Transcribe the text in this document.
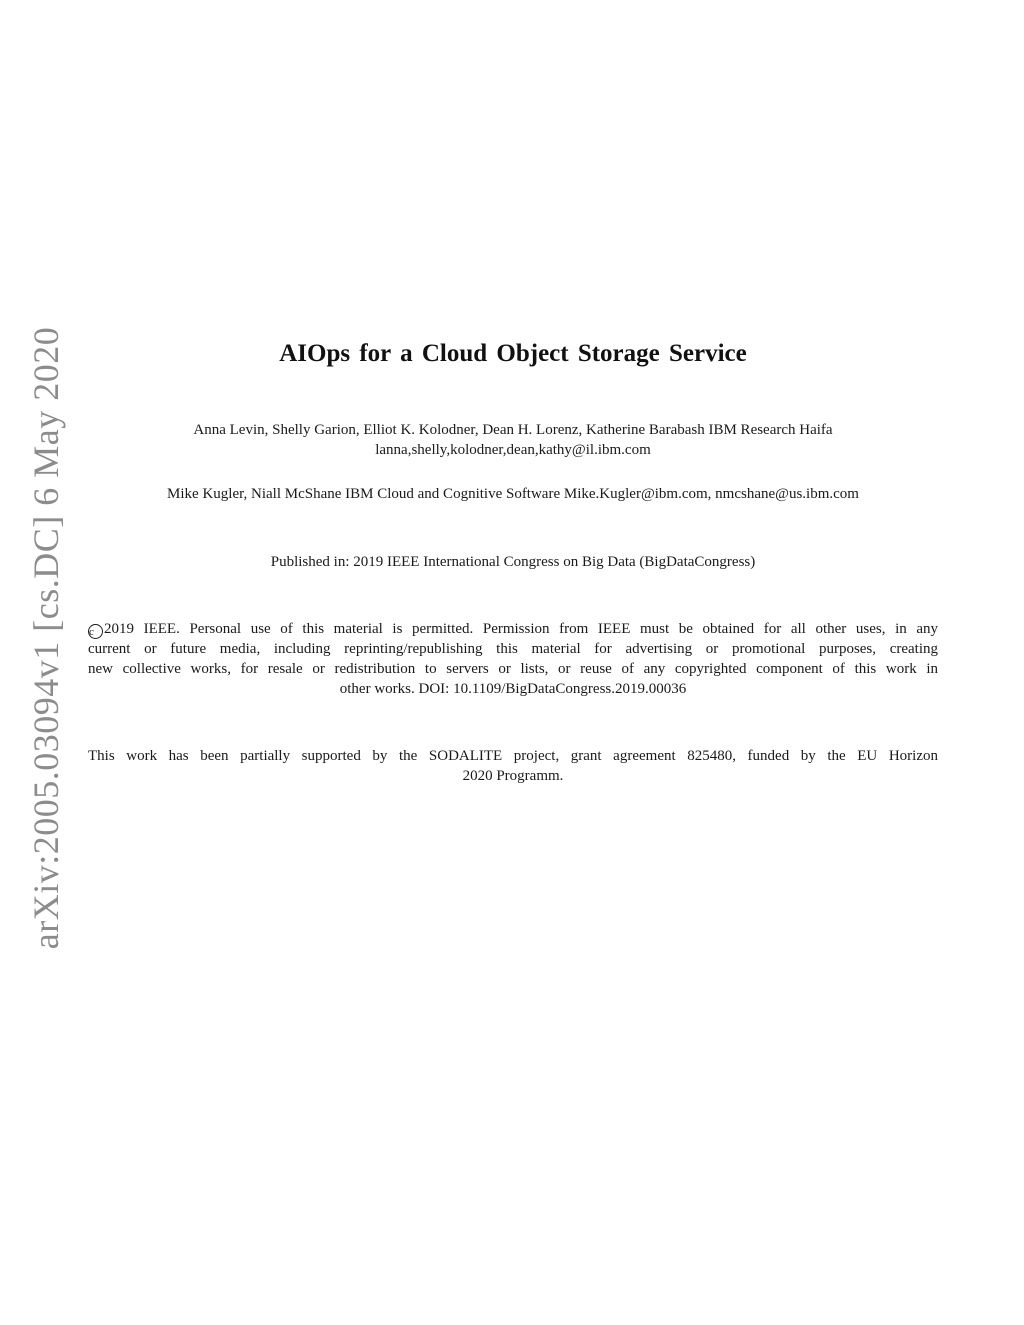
arXiv:2005.03094v1 [cs.DC] 6 May 2020	AIOps for a Cloud Object Storage Service
Anna Levin, Shelly Garion, Elliot K. Kolodner, Dean H. Lorenz, Katherine Barabash IBM Research Haifa
lanna,shelly,kolodner,dean,kathy@il.ibm.com
Mike Kugler, Niall McShane IBM Cloud and Cognitive Software Mike.Kugler@ibm.com, nmcshane@us.ibm.com
Published in: 2019 IEEE International Congress on Big Data (BigDataCongress)
c 2019 IEEE. Personal use of this material is permitted. Permission from IEEE must be obtained for all other uses, in any
current or future media, including reprinting/republishing this material for advertising or promotional purposes, creating
new collective works, for resale or redistribution to servers or lists, or reuse of any copyrighted component of this work in
other works. DOI: 10.1109/BigDataCongress.2019.00036
This work has been partially supported by the SODALITE project, grant agreement 825480, funded by the EU Horizon
2020 Programm.
